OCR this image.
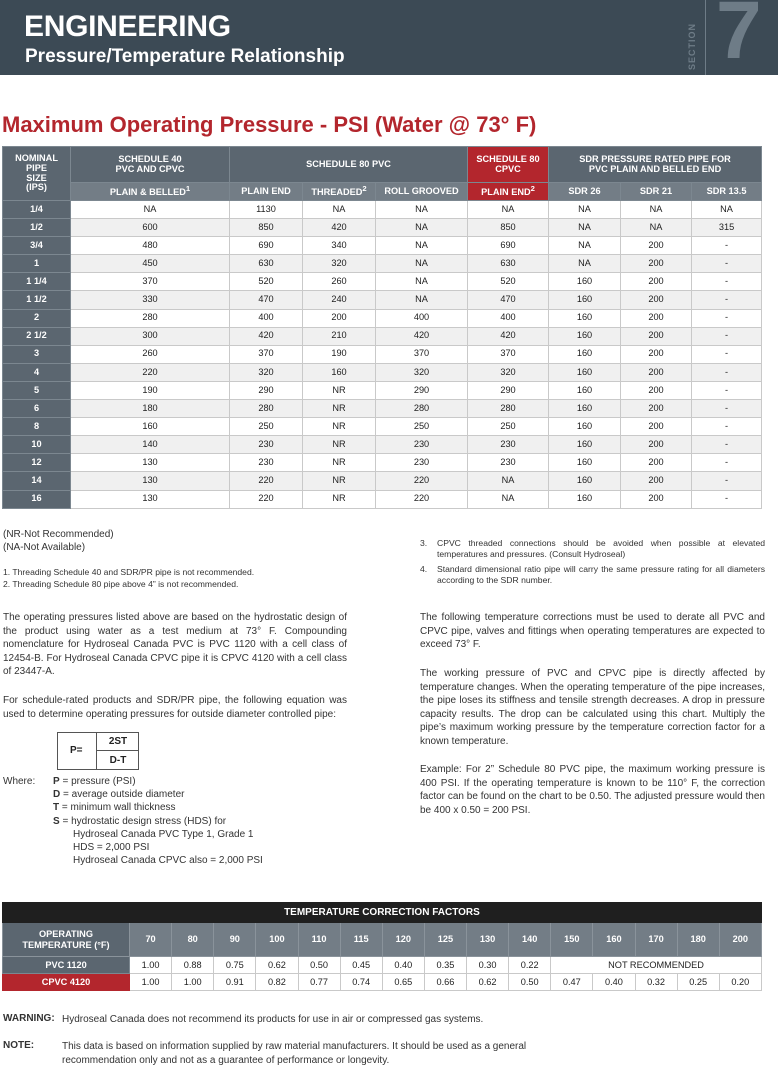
ENGINEERING
Pressure/Temperature Relationship	SECTION 7
Maximum Operating Pressure - PSI (Water @ 73° F)
NOMINAL
PIPE
SIZE
(IPS)	SCHEDULE 40
PVC AND CPVC	SCHEDULE 80 PVC			SCHEDULE 80
CPVC	SDR PRESSURE RATED PIPE FOR
PVC PLAIN AND BELLED END		
	PLAIN & BELLED$^1$	PLAIN END	THREADED$^2$	ROLL GROOVED	PLAIN END$^2$	SDR 26	SDR 21	SDR 13.5
1/4	NA	1130	NA	NA	NA	NA	NA	NA
1/2	600	850	420	NA	850	NA	NA	315
3/4	480	690	340	NA	690	NA	200	-
1	450	630	320	NA	630	NA	200	-
1 1/4	370	520	260	NA	520	160	200	-
1 1/2	330	470	240	NA	470	160	200	-
2	280	400	200	400	400	160	200	-
2 1/2	300	420	210	420	420	160	200	-
3	260	370	190	370	370	160	200	-
4	220	320	160	320	320	160	200	-
5	190	290	NR	290	290	160	200	-
6	180	280	NR	280	280	160	200	-
8	160	250	NR	250	250	160	200	-
10	140	230	NR	230	230	160	200	-
12	130	230	NR	230	230	160	200	-
14	130	220	NR	220	NA	160	200	-
16	130	220	NR	220	NA	160	200	-
(NR-Not Recommended)
(NA-Not Available)
1. Threading Schedule 40 and SDR/PR pipe is not recommended.
2. Threading Schedule 80 pipe above 4” is not recommended.
3. CPVC threaded connections should be avoided when possible at elevated temperatures and pressures. (Consult Hydroseal)
4. Standard dimensional ratio pipe will carry the same pressure rating for all diameters according to the SDR number.
The operating pressures listed above are based on the hydrostatic design of the product using water as a test medium at 73° F. Compounding nomenclature for Hydroseal Canada PVC is PVC 1120 with a cell class of 12454-B. For Hydroseal Canada CPVC pipe it is CPVC 4120 with a cell class of 23447-A.
For schedule-rated products and SDR/PR pipe, the following equation was used to determine operating pressures for outside diameter controlled pipe:
P=
2ST
D-T
Where: P = pressure (PSI)
D = average outside diameter
T = minimum wall thickness
S = hydrostatic design stress (HDS) for
Hydroseal Canada PVC Type 1, Grade 1
HDS = 2,000 PSI
Hydroseal Canada CPVC also = 2,000 PSI
The following temperature corrections must be used to derate all PVC and CPVC pipe, valves and fittings when operating temperatures are expected to exceed 73° F.
The working pressure of PVC and CPVC pipe is directly affected by temperature changes. When the operating temperature of the pipe increases, the pipe loses its stiffness and tensile strength decreases. A drop in pressure capacity results. The drop can be calculated using this chart. Multiply the pipe’s maximum working pressure by the temperature correction factor for a known temperature.
Example: For 2” Schedule 80 PVC pipe, the maximum working pressure is 400 PSI. If the operating temperature is known to be 110° F, the correction factor can be found on the chart to be 0.50. The adjusted pressure would then be 400 x 0.50 = 200 PSI.
TEMPERATURE CORRECTION FACTORS															
OPERATING
TEMPERATURE (°F)	70	80	90	100	110	115	120	125	130	140	150	160	170	180	200
PVC 1120	1.00	0.88	0.75	0.62	0.50	0.45	0.40	0.35	0.30	0.22	NOT RECOMMENDED				
CPVC 4120	1.00	1.00	0.91	0.82	0.77	0.74	0.65	0.66	0.62	0.50	0.47	0.40	0.32	0.25	0.20
WARNING: Hydroseal Canada does not recommend its products for use in air or compressed gas systems.
NOTE:	This data is based on information supplied by raw material manufacturers. It should be used as a general recommendation only and not as a guarantee of performance or longevity.
